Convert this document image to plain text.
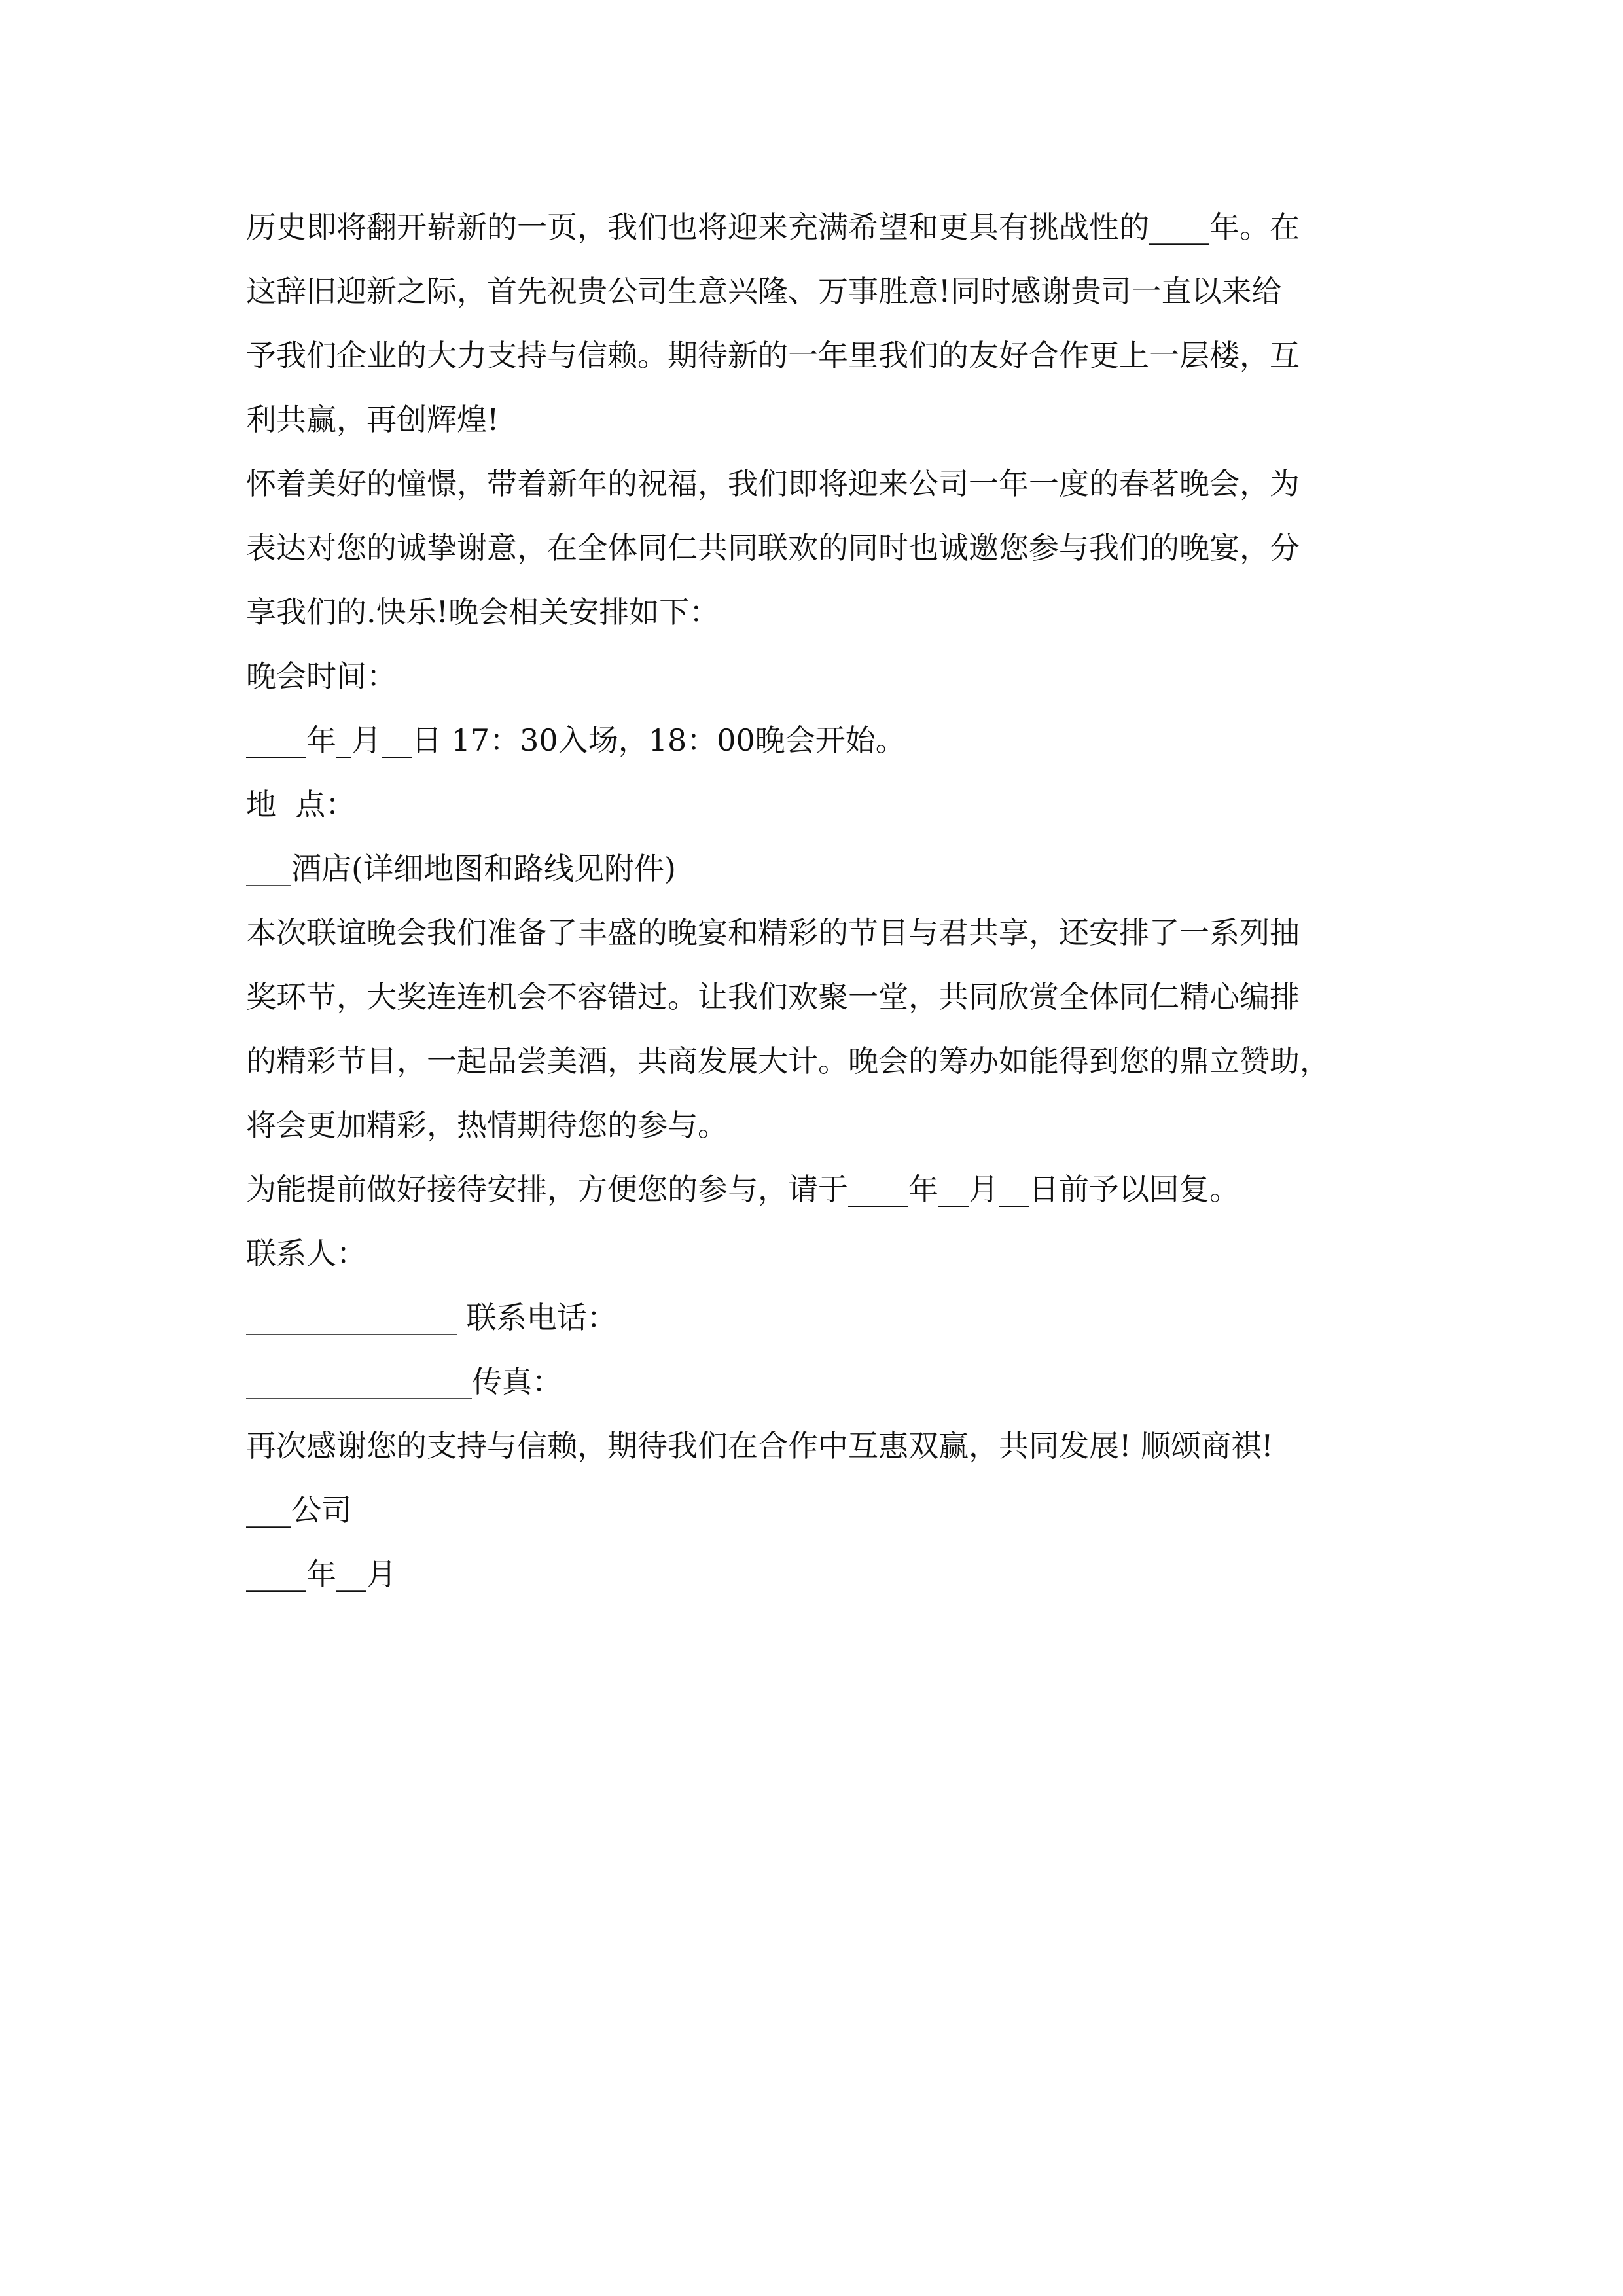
历史即将翻开崭新的一页，我们也将迎来充满希望和更具有挑战性的____年。在
这辞旧迎新之际，首先祝贵公司生意兴隆、万事胜意!同时感谢贵司一直以来给
予我们企业的大力支持与信赖。期待新的一年里我们的友好合作更上一层楼，互
利共赢，再创辉煌!
怀着美好的憧憬，带着新年的祝福，我们即将迎来公司一年一度的春茗晚会，为
表达对您的诚挚谢意，在全体同仁共同联欢的同时也诚邀您参与我们的晚宴，分
享我们的.快乐!晚会相关安排如下：
晚会时间：
____年_月__日 17：30入场，18：00晚会开始。
地  点：
___酒店(详细地图和路线见附件)
本次联谊晚会我们准备了丰盛的晚宴和精彩的节目与君共享，还安排了一系列抽
奖环节，大奖连连机会不容错过。让我们欢聚一堂，共同欣赏全体同仁精心编排
的精彩节目，一起品尝美酒，共商发展大计。晚会的筹办如能得到您的鼎立赞助，
将会更加精彩，热情期待您的参与。
为能提前做好接待安排，方便您的参与，请于____年__月__日前予以回复。
联系人：
______________ 联系电话：
_______________传真：
再次感谢您的支持与信赖，期待我们在合作中互惠双赢，共同发展! 顺颂商祺!
___公司
____年__月
